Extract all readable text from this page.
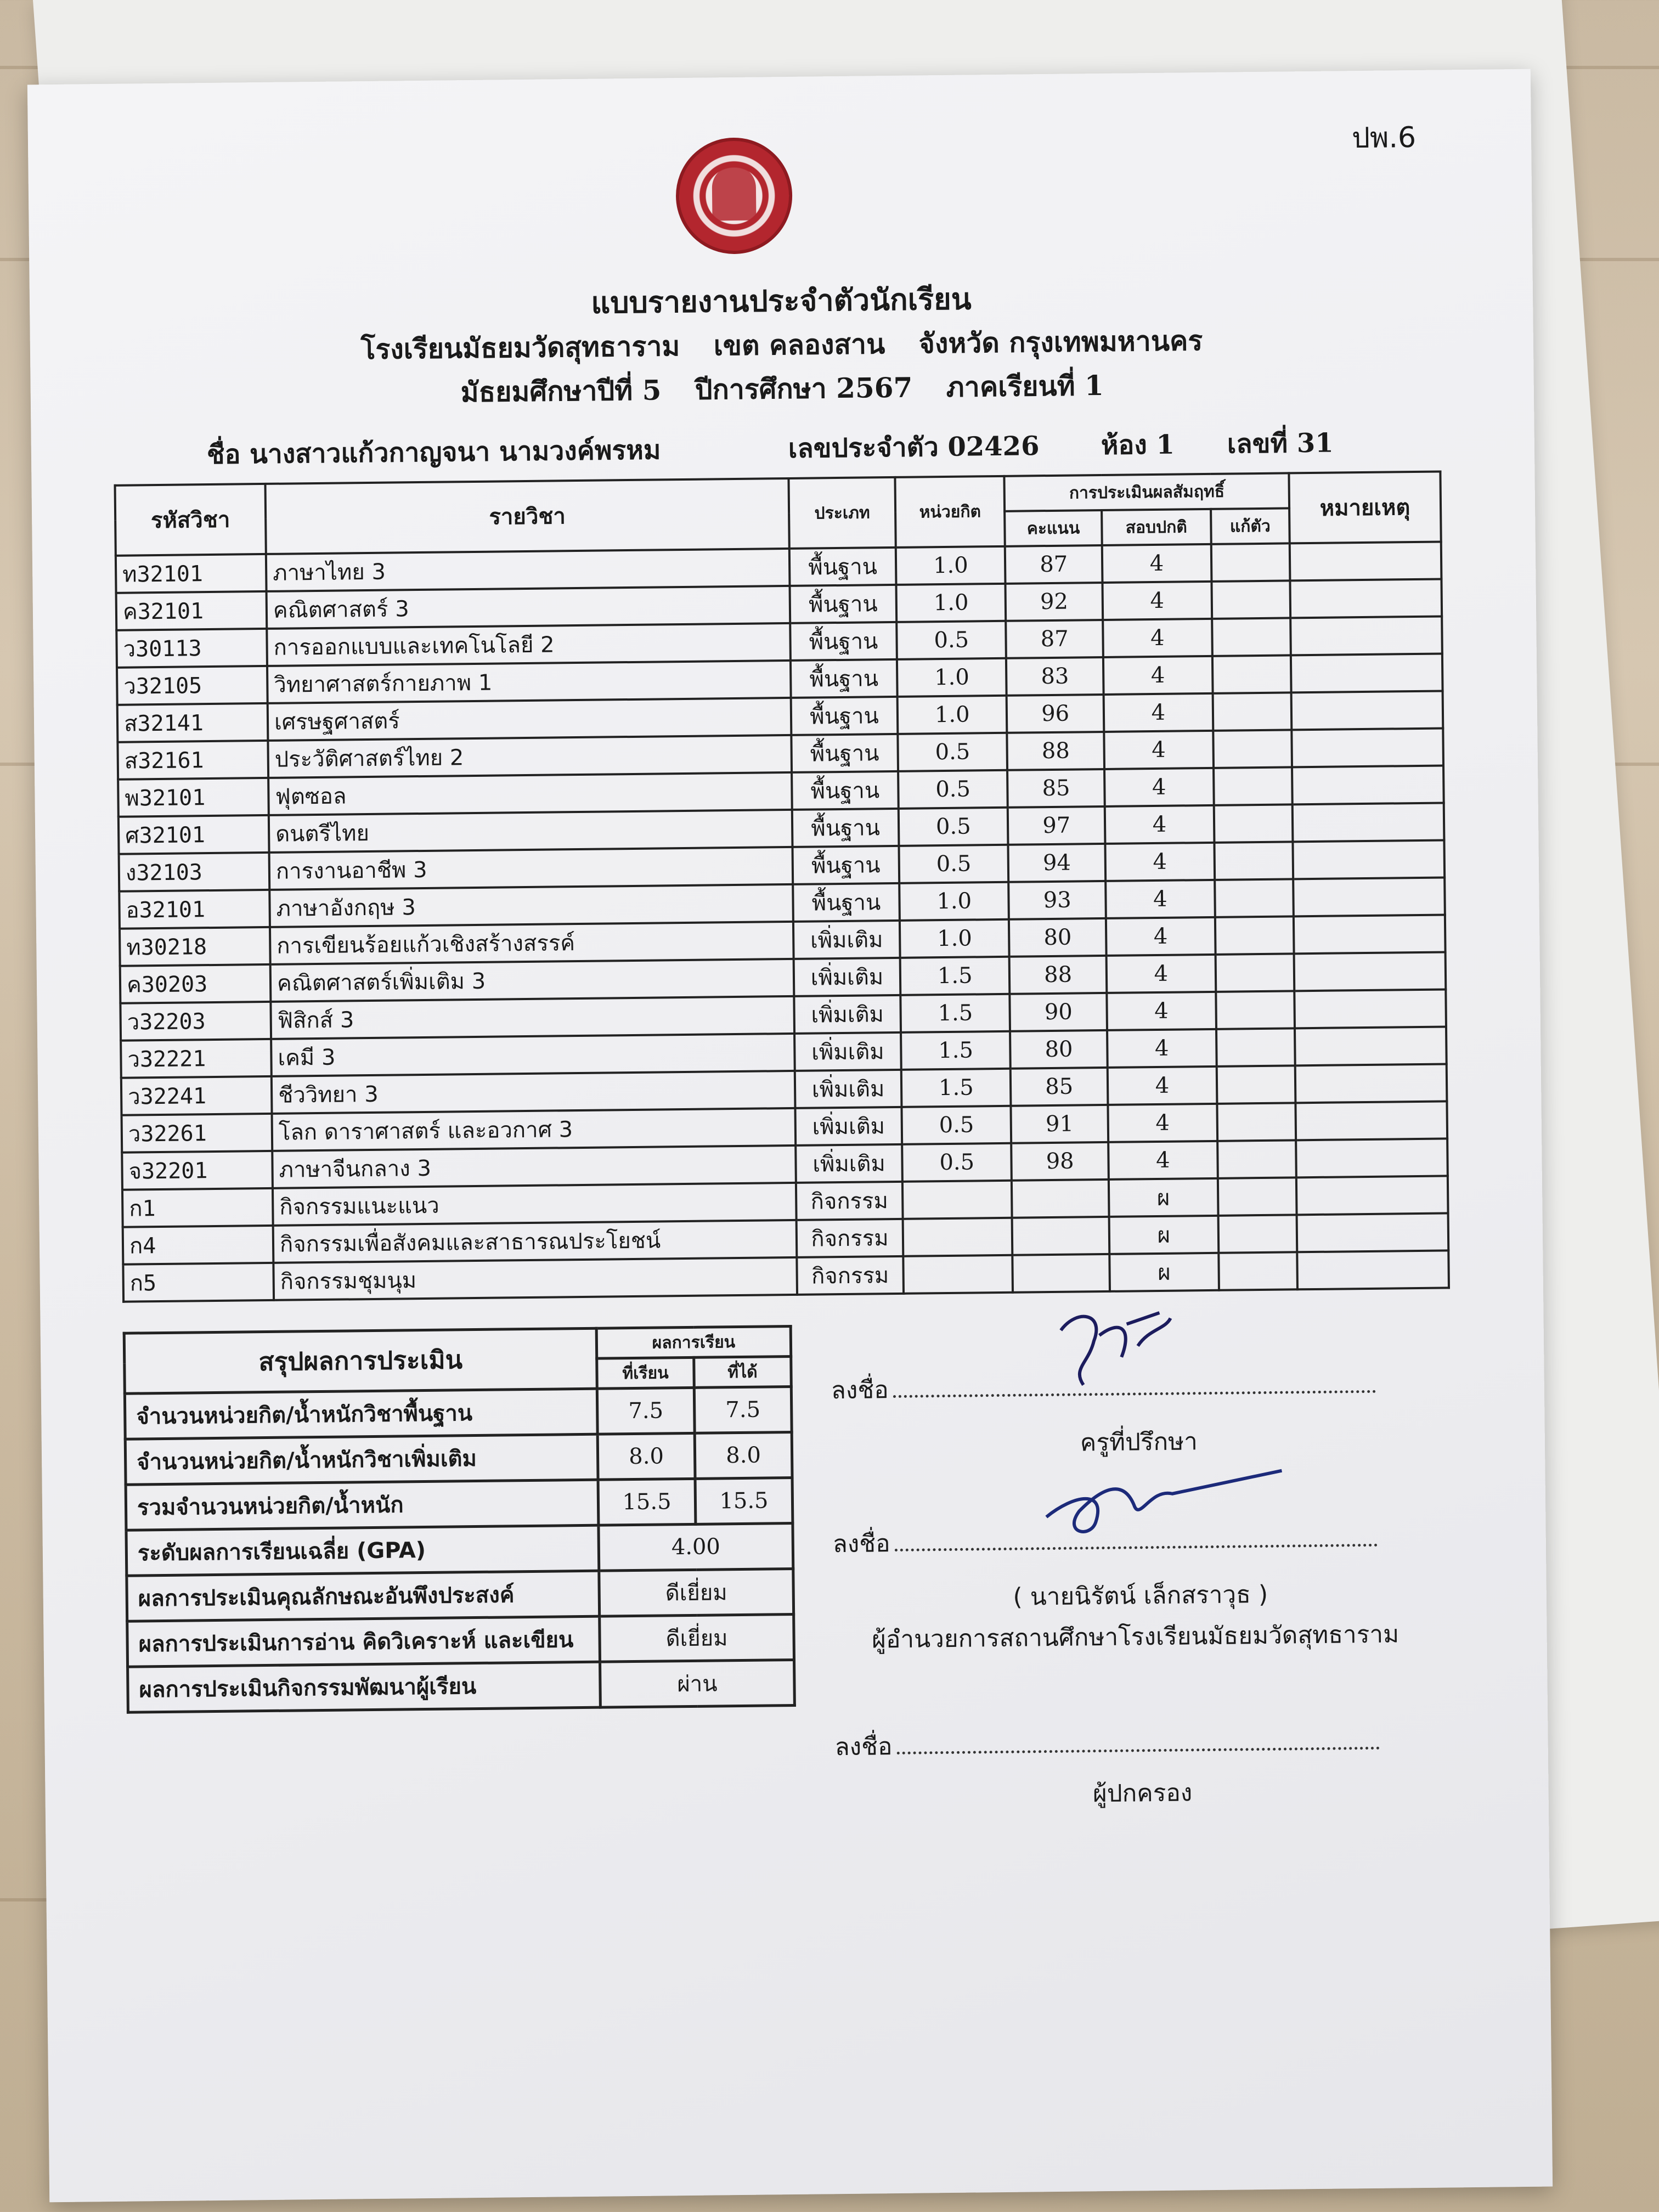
ปพ.6
แบบรายงานประจำตัวนักเรียน
โรงเรียนมัธยมวัดสุทธาราม เขต คลองสาน จังหวัด กรุงเทพมหานคร
มัธยมศึกษาปีที่ 5 ปีการศึกษา 2567 ภาคเรียนที่ 1
ชื่อ นางสาวแก้วกาญจนา นามวงค์พรหม	เลขประจำตัว 02426 ห้อง 1 เลขที่ 31
รหัสวิชา	รายวิชา	ประเภท	หน่วยกิต	การประเมินผลสัมฤทธิ์			หมายเหตุ
				คะแนน	สอบปกติ	แก้ตัว	
ท32101	ภาษาไทย 3	พื้นฐาน	1.0	87	4		
ค32101	คณิตศาสตร์ 3	พื้นฐาน	1.0	92	4		
ว30113	การออกแบบและเทคโนโลยี 2	พื้นฐาน	0.5	87	4		
ว32105	วิทยาศาสตร์กายภาพ 1	พื้นฐาน	1.0	83	4		
ส32141	เศรษฐศาสตร์	พื้นฐาน	1.0	96	4		
ส32161	ประวัติศาสตร์ไทย 2	พื้นฐาน	0.5	88	4		
พ32101	ฟุตซอล	พื้นฐาน	0.5	85	4		
ศ32101	ดนตรีไทย	พื้นฐาน	0.5	97	4		
ง32103	การงานอาชีพ 3	พื้นฐาน	0.5	94	4		
อ32101	ภาษาอังกฤษ 3	พื้นฐาน	1.0	93	4		
ท30218	การเขียนร้อยแก้วเชิงสร้างสรรค์	เพิ่มเติม	1.0	80	4		
ค30203	คณิตศาสตร์เพิ่มเติม 3	เพิ่มเติม	1.5	88	4		
ว32203	ฟิสิกส์ 3	เพิ่มเติม	1.5	90	4		
ว32221	เคมี 3	เพิ่มเติม	1.5	80	4		
ว32241	ชีววิทยา 3	เพิ่มเติม	1.5	85	4		
ว32261	โลก ดาราศาสตร์ และอวกาศ 3	เพิ่มเติม	0.5	91	4		
จ32201	ภาษาจีนกลาง 3	เพิ่มเติม	0.5	98	4		
ก1	กิจกรรมแนะแนว	กิจกรรม			ผ		
ก4	กิจกรรมเพื่อสังคมและสาธารณประโยชน์	กิจกรรม			ผ		
ก5	กิจกรรมชุมนุม	กิจกรรม			ผ		
สรุปผลการประเมิน	ผลการเรียน	
	ที่เรียน	ที่ได้
จำนวนหน่วยกิต/น้ำหนักวิชาพื้นฐาน	7.5	7.5
จำนวนหน่วยกิต/น้ำหนักวิชาเพิ่มเติม	8.0	8.0
รวมจำนวนหน่วยกิต/น้ำหนัก	15.5	15.5
ระดับผลการเรียนเฉลี่ย (GPA)	4.00	
ผลการประเมินคุณลักษณะอันพึงประสงค์	ดีเยี่ยม	
ผลการประเมินการอ่าน คิดวิเคราะห์ และเขียน	ดีเยี่ยม	
ผลการประเมินกิจกรรมพัฒนาผู้เรียน	ผ่าน	
ลงชื่อ
ครูที่ปรึกษา
ลงชื่อ
( นายนิรัตน์ เล็กสราวุธ )
ผู้อำนวยการสถานศึกษาโรงเรียนมัธยมวัดสุทธาราม
ลงชื่อ
ผู้ปกครอง
